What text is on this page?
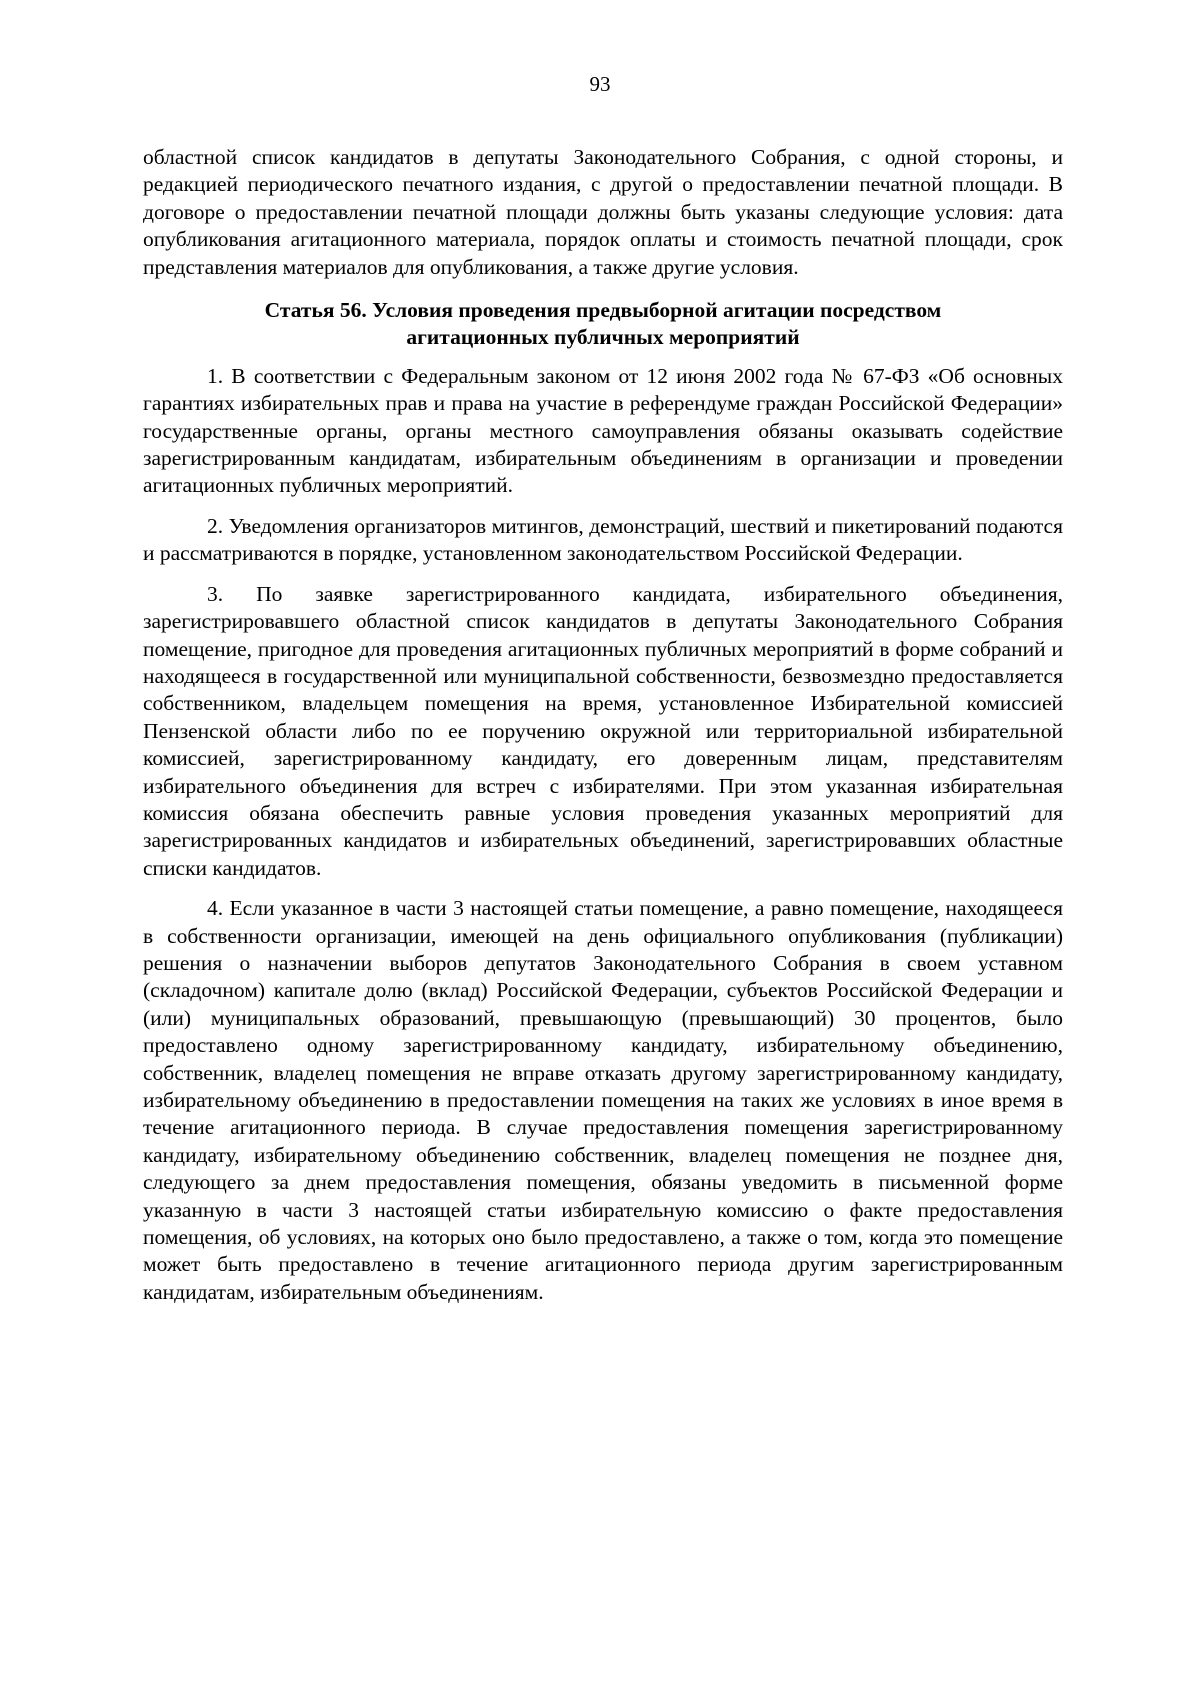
93

областной список кандидатов в депутаты Законодательного Собрания, с одной стороны, и редакцией периодического печатного издания, с другой о предоставлении печатной площади. В договоре о предоставлении печатной площади должны быть указаны следующие условия: дата опубликования агитационного материала, порядок оплаты и стоимость печатной площади, срок представления материалов для опубликования, а также другие условия.

Статья 56. Условия проведения предвыборной агитации посредством
агитационных публичных мероприятий

1. В соответствии с Федеральным законом от 12 июня 2002 года № 67-ФЗ «Об основных гарантиях избирательных прав и права на участие в референдуме граждан Российской Федерации» государственные органы, органы местного самоуправления обязаны оказывать содействие зарегистрированным кандидатам, избирательным объединениям в организации и проведении агитационных публичных мероприятий.

2. Уведомления организаторов митингов, демонстраций, шествий и пикетирований подаются и рассматриваются в порядке, установленном законодательством Российской Федерации.

3. По заявке зарегистрированного кандидата, избирательного объединения, зарегистрировавшего областной список кандидатов в депутаты Законодательного Собрания помещение, пригодное для проведения агитационных публичных мероприятий в форме собраний и находящееся в государственной или муниципальной собственности, безвозмездно предоставляется собственником, владельцем помещения на время, установленное Избирательной комиссией Пензенской области либо по ее поручению окружной или территориальной избирательной комиссией, зарегистрированному кандидату, его доверенным лицам, представителям избирательного объединения для встреч с избирателями. При этом указанная избирательная комиссия обязана обеспечить равные условия проведения указанных мероприятий для зарегистрированных кандидатов и избирательных объединений, зарегистрировавших областные списки кандидатов.

4. Если указанное в части 3 настоящей статьи помещение, а равно помещение, находящееся в собственности организации, имеющей на день официального опубликования (публикации) решения о назначении выборов депутатов Законодательного Собрания в своем уставном (складочном) капитале долю (вклад) Российской Федерации, субъектов Российской Федерации и (или) муниципальных образований, превышающую (превышающий) 30 процентов, было предоставлено одному зарегистрированному кандидату, избирательному объединению, собственник, владелец помещения не вправе отказать другому зарегистрированному кандидату, избирательному объединению в предоставлении помещения на таких же условиях в иное время в течение агитационного периода. В случае предоставления помещения зарегистрированному кандидату, избирательному объединению собственник, владелец помещения не позднее дня, следующего за днем предоставления помещения, обязаны уведомить в письменной форме указанную в части 3 настоящей статьи избирательную комиссию о факте предоставления помещения, об условиях, на которых оно было предоставлено, а также о том, когда это помещение может быть предоставлено в течение агитационного периода другим зарегистрированным кандидатам, избирательным объединениям.
